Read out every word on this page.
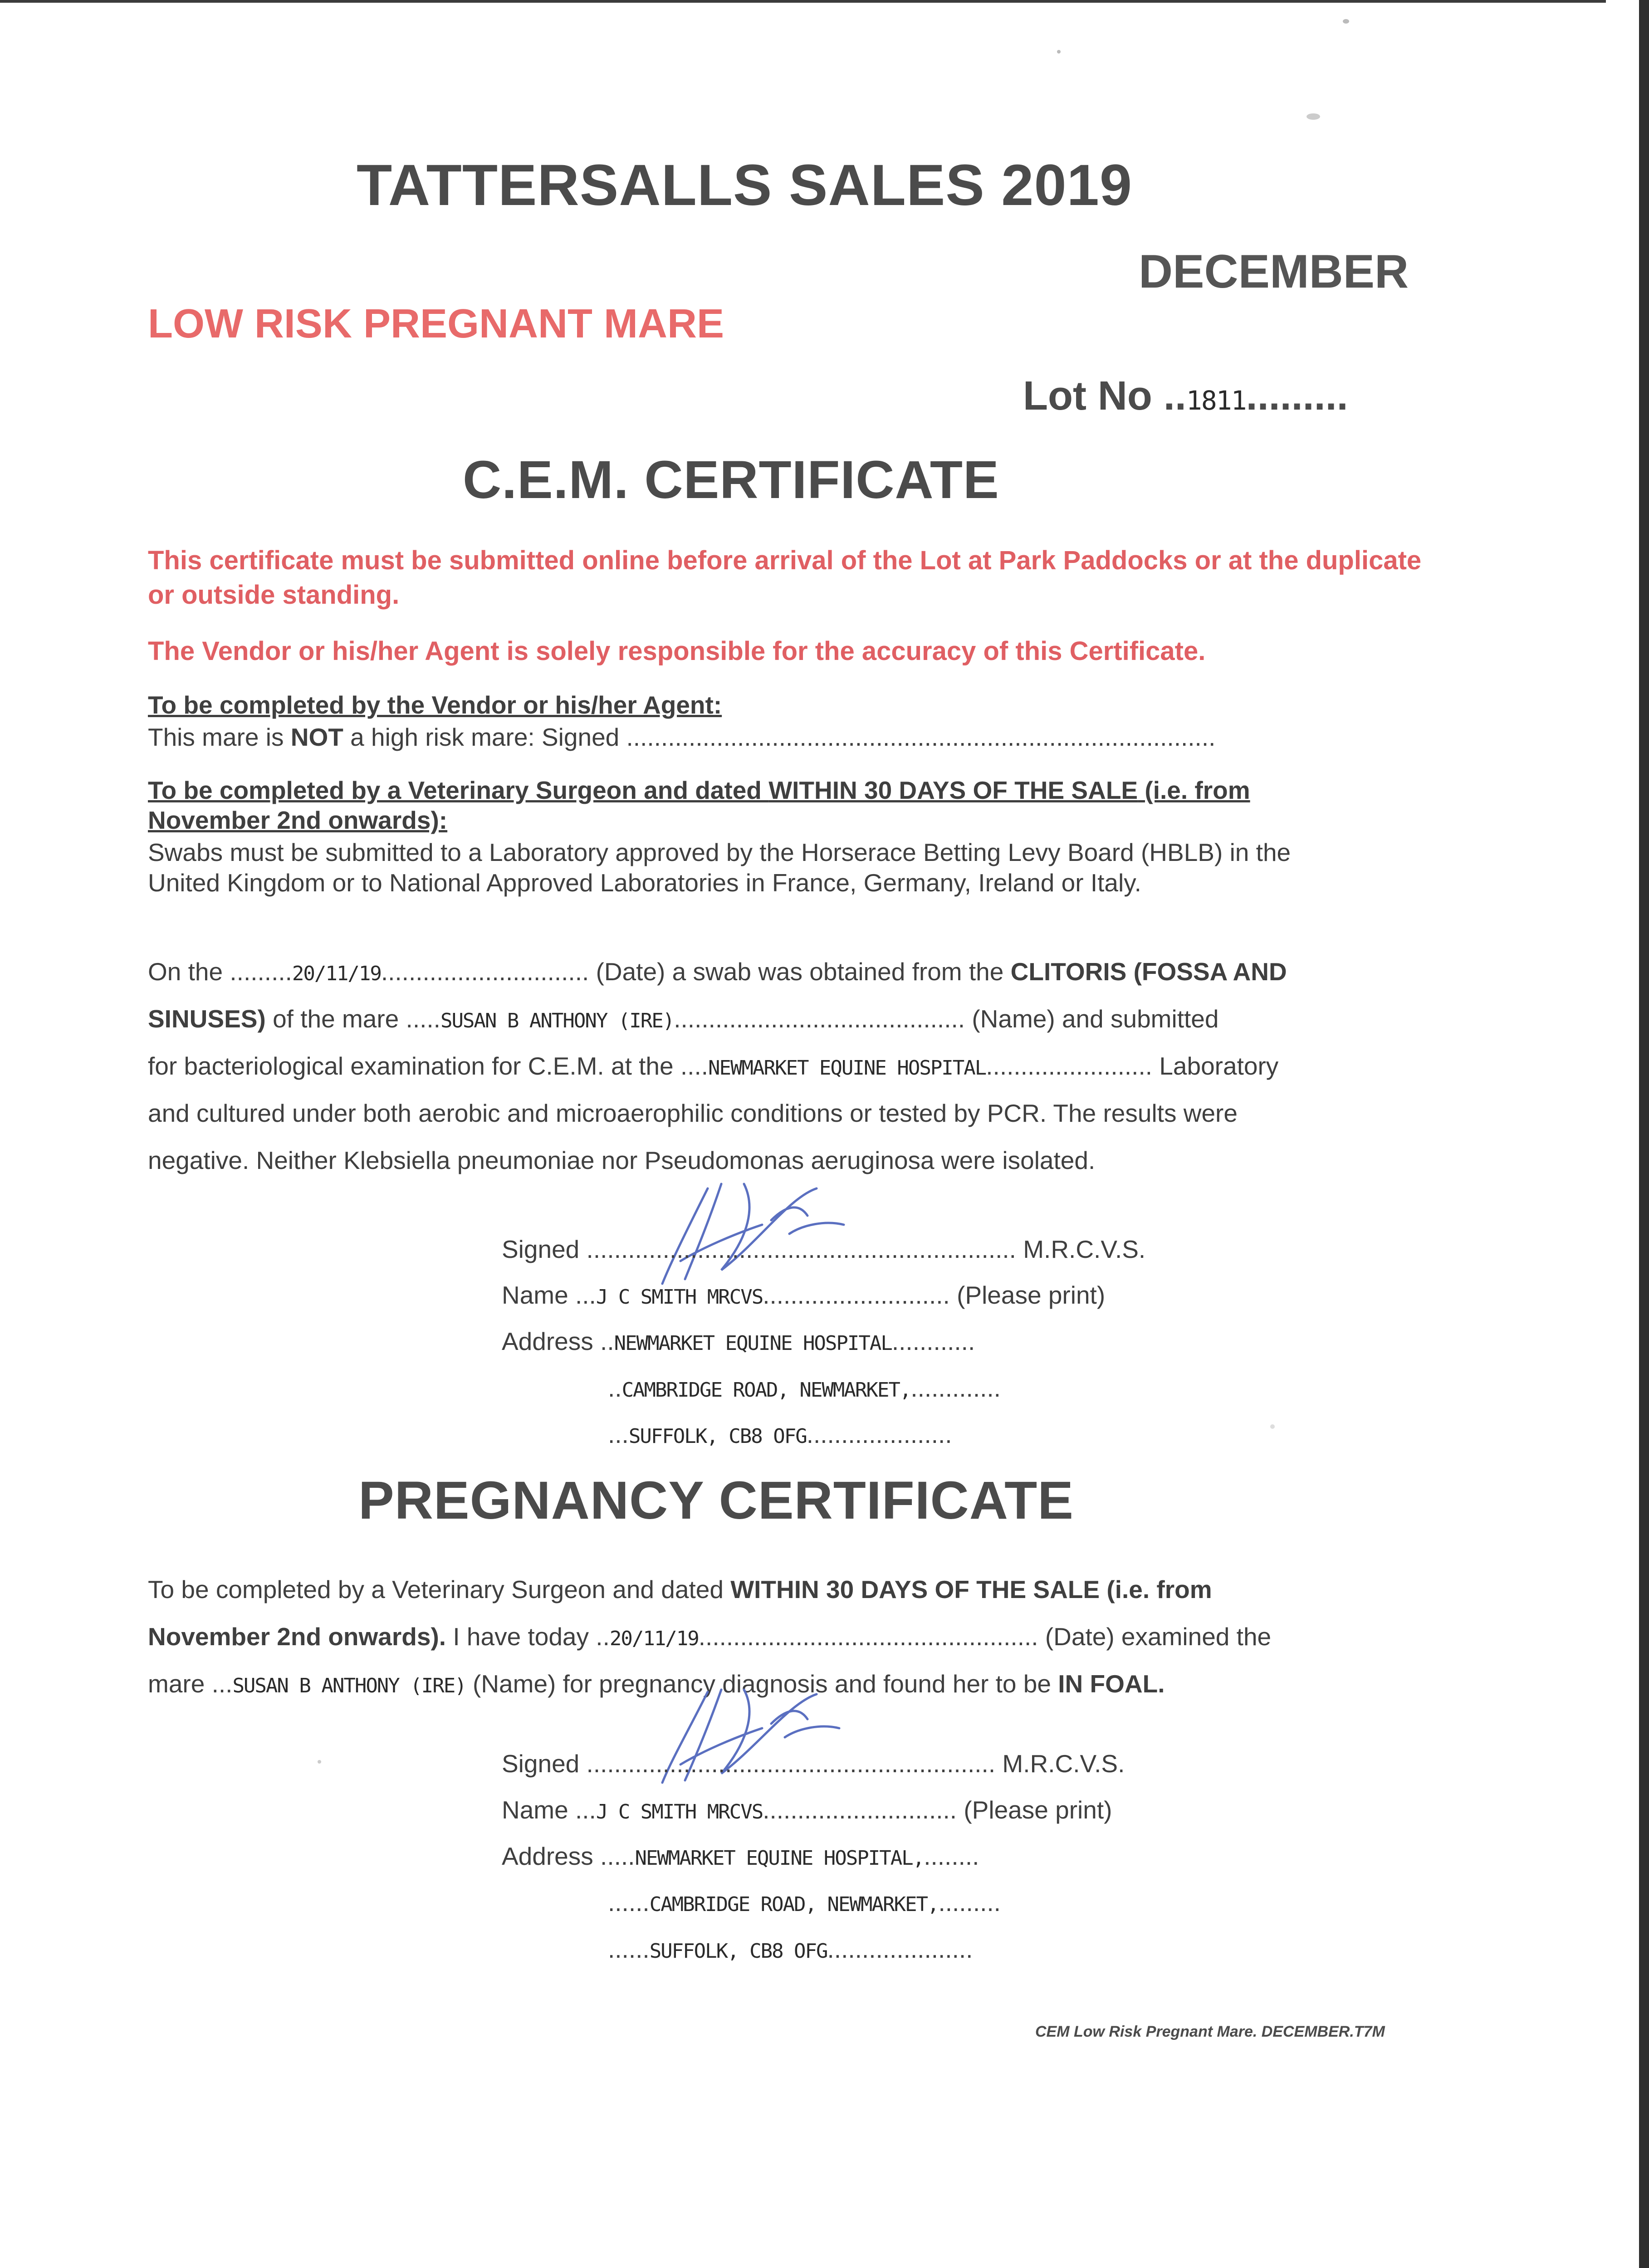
TATTERSALLS SALES 2019
DECEMBER
LOW RISK PREGNANT MARE
Lot No ..1811.........
C.E.M. CERTIFICATE
This certificate must be submitted online before arrival of the Lot at Park Paddocks or at the duplicate or outside standing.
The Vendor or his/her Agent is solely responsible for the accuracy of this Certificate.
To be completed by the Vendor or his/her Agent:
This mare is NOT a high risk mare: Signed .....................................................................................
To be completed by a Veterinary Surgeon and dated WITHIN 30 DAYS OF THE SALE (i.e. from
November 2nd onwards):
Swabs must be submitted to a Laboratory approved by the Horserace Betting Levy Board (HBLB) in the
United Kingdom or to National Approved Laboratories in France, Germany, Ireland or Italy.
On the .........20/11/19.............................. (Date) a swab was obtained from the CLITORIS (FOSSA AND
SINUSES) of the mare .....SUSAN B ANTHONY (IRE).......................................... (Name) and submitted
for bacteriological examination for C.E.M. at the ....NEWMARKET EQUINE HOSPITAL........................ Laboratory
and cultured under both aerobic and microaerophilic conditions or tested by PCR. The results were
negative. Neither Klebsiella pneumoniae nor Pseudomonas aeruginosa were isolated.
Signed .............................................................. M.R.C.V.S.
Name ...J C SMITH MRCVS........................... (Please print)
Address ..NEWMARKET EQUINE HOSPITAL............
..CAMBRIDGE ROAD, NEWMARKET,.............
...SUFFOLK, CB8 OFG.....................
PREGNANCY CERTIFICATE
To be completed by a Veterinary Surgeon and dated WITHIN 30 DAYS OF THE SALE (i.e. from
November 2nd onwards). I have today ..20/11/19................................................. (Date) examined the
mare ...SUSAN B ANTHONY (IRE) (Name) for pregnancy diagnosis and found her to be IN FOAL.
Signed ........................................................... M.R.C.V.S.
Name ...J C SMITH MRCVS............................ (Please print)
Address .....NEWMARKET EQUINE HOSPITAL,........
......CAMBRIDGE ROAD, NEWMARKET,.........
......SUFFOLK, CB8 OFG.....................
CEM Low Risk Pregnant Mare. DECEMBER.T7M
